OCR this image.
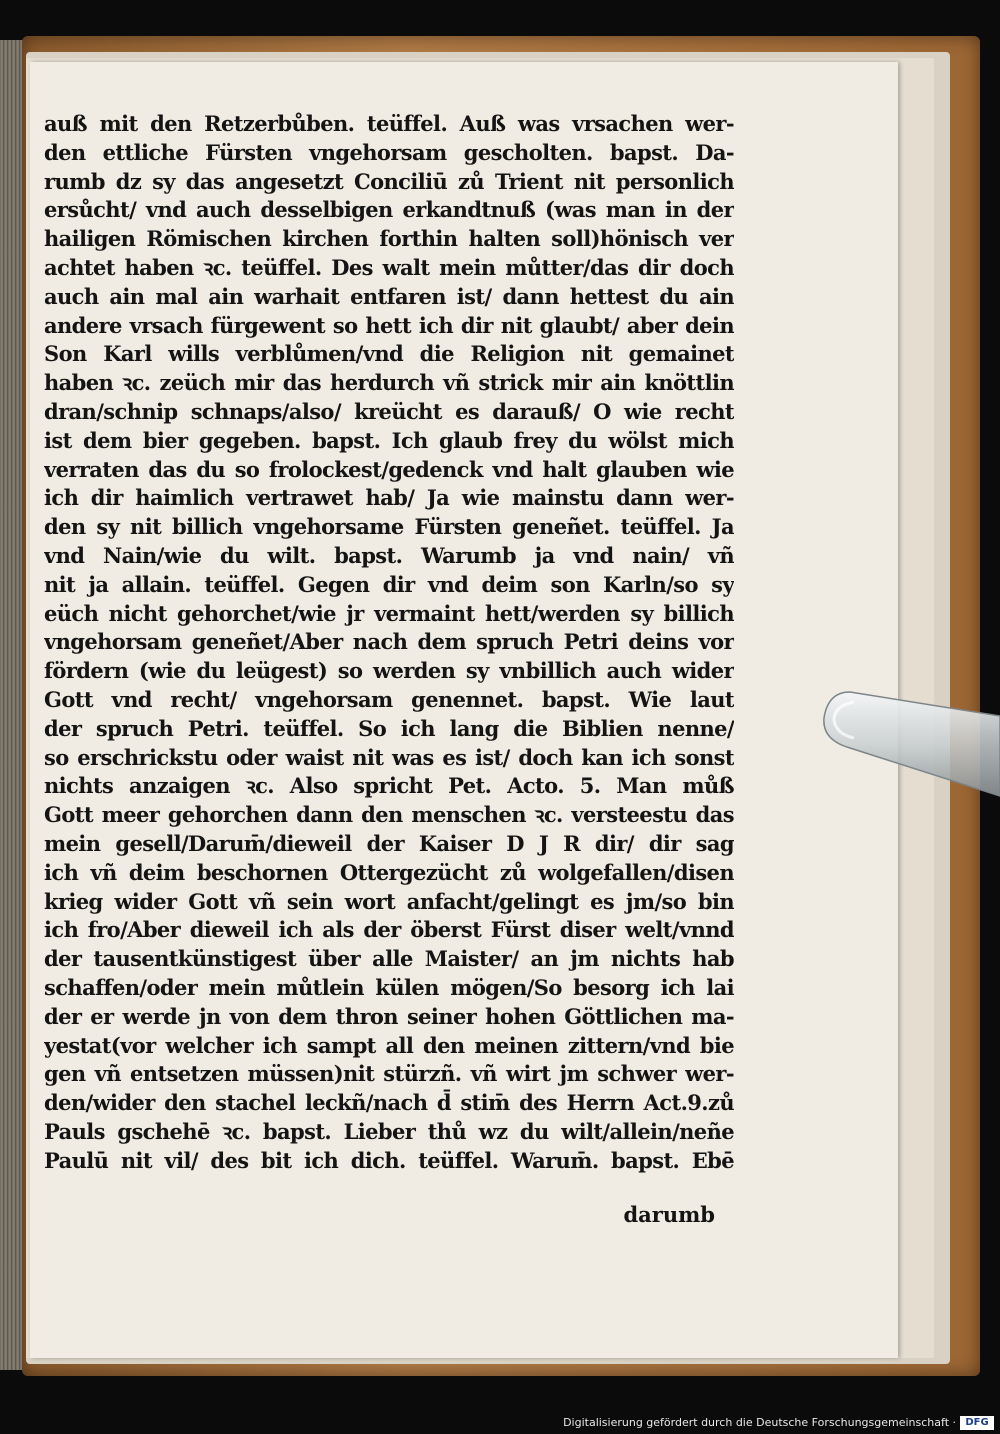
auß mit den Retzerbůben. teüffel. Auß was vrsachen wer-
den ettliche Fürsten vngehorsam gescholten. bapst. Da-
rumb dz sy das angesetzt Conciliū zů Trient nit personlich
ersůcht/ vnd auch desselbigen erkandtnuß (was man in der
hailigen Römischen kirchen forthin halten soll)hönisch ver
achtet haben ꝛc. teüffel. Des walt mein můtter/das dir doch
auch ain mal ain warhait entfaren ist/ dann hettest du ain
andere vrsach fürgewent so hett ich dir nit glaubt/ aber dein
Son Karl wills verblůmen/vnd die Religion nit gemainet
haben ꝛc. zeüch mir das herdurch vñ strick mir ain knöttlin
dran/schnip schnaps/also/ kreücht es darauß/ O wie recht
ist dem bier gegeben. bapst. Ich glaub frey du wölst mich
verraten das du so frolockest/gedenck vnd halt glauben wie
ich dir haimlich vertrawet hab/ Ja wie mainstu dann wer-
den sy nit billich vngehorsame Fürsten geneñet. teüffel. Ja
vnd Nain/wie du wilt. bapst. Warumb ja vnd nain/ vñ
nit ja allain. teüffel. Gegen dir vnd deim son Karln/so sy
eüch nicht gehorchet/wie jr vermaint hett/werden sy billich
vngehorsam geneñet/Aber nach dem spruch Petri deins vor
fördern (wie du leügest) so werden sy vnbillich auch wider
Gott vnd recht/ vngehorsam genennet. bapst. Wie laut
der spruch Petri. teüffel. So ich lang die Biblien nenne/
so erschrickstu oder waist nit was es ist/ doch kan ich sonst
nichts anzaigen ꝛc. Also spricht Pet. Acto. 5. Man můß
Gott meer gehorchen dann den menschen ꝛc. versteestu das
mein gesell/Darum̄/dieweil der Kaiser D J R dir/ dir sag
ich vñ deim beschornen Ottergezücht zů wolgefallen/disen
krieg wider Gott vñ sein wort anfacht/gelingt es jm/so bin
ich fro/Aber dieweil ich als der öberst Fürst diser welt/vnnd
der tausentkünstigest über alle Maister/ an jm nichts hab
schaffen/oder mein můtlein külen mögen/So besorg ich lai
der er werde jn von dem thron seiner hohen Göttlichen ma-
yestat(vor welcher ich sampt all den meinen zittern/vnd bie
gen vñ entsetzen müssen)nit stürzñ. vñ wirt jm schwer wer-
den/wider den stachel leckñ/nach d̄ stim̄ des Herrn Act.9.zů
Pauls gschehē ꝛc. bapst. Lieber thů wz du wilt/allein/neñe
Paulū nit vil/ des bit ich dich. teüffel. Warum̄. bapst. Ebē
darumb
Digitalisierung gefördert durch die Deutsche Forschungsgemeinschaft · DFG
